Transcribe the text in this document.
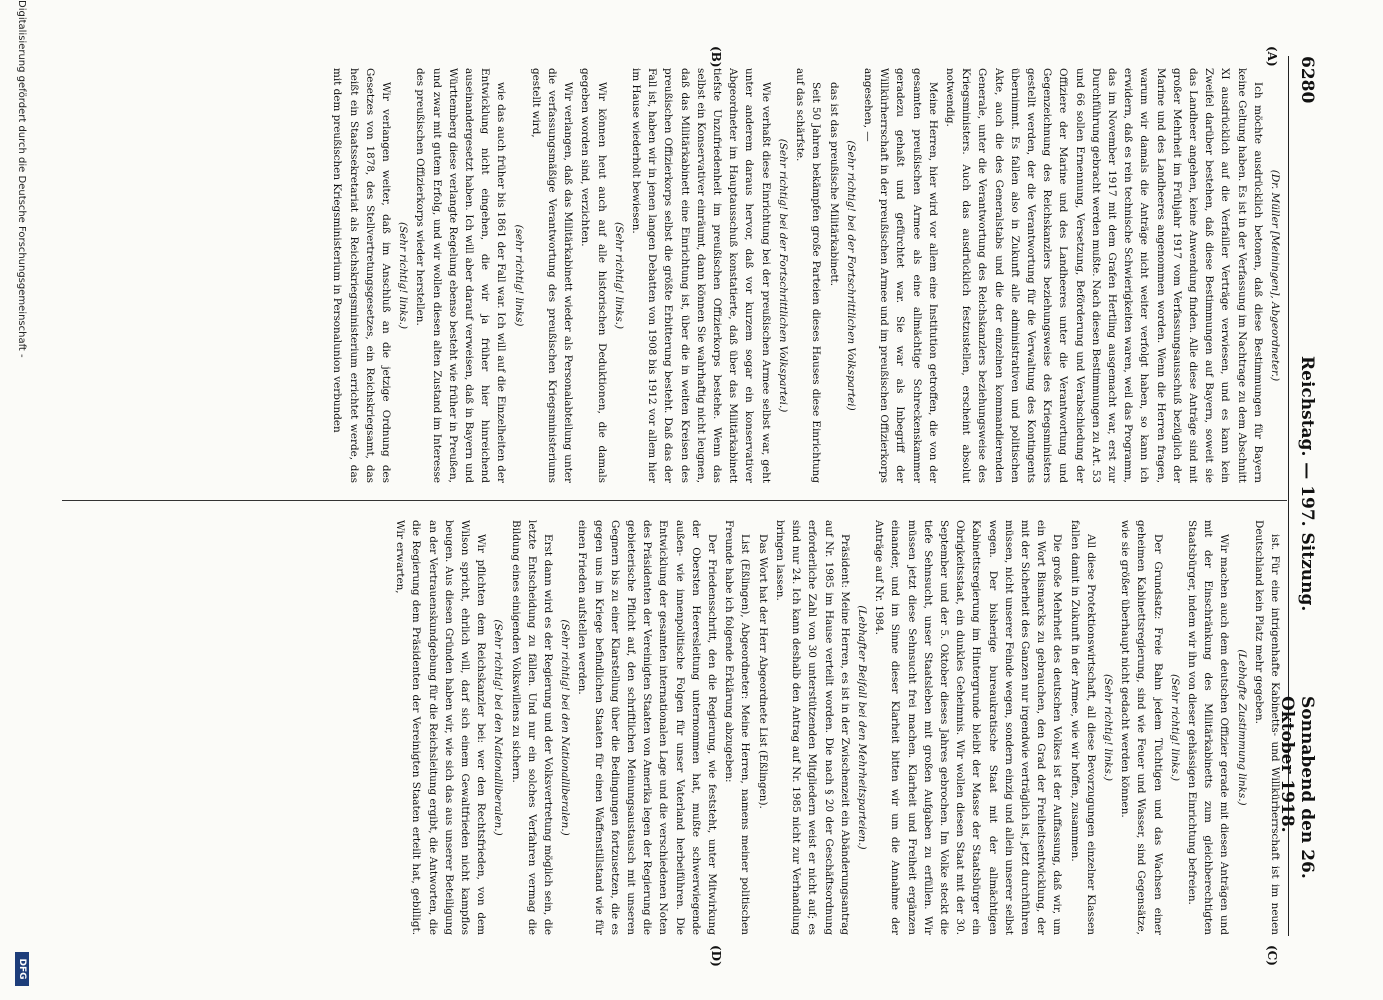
6280
Reichstag. — 197. Sitzung.
Sonnabend den 26. Oktober 1918.
(A)
(B)
(C)
(D)

(Dr. Müller [Meiningen], Abgeordneter.)

Ich möchte ausdrücklich betonen, daß diese Bestimmungen für Bayern keine Geltung haben. Es ist in der Verfassung im Nachtrage zu dem Abschnitt XI ausdrücklich auf die Verfailler Verträge verwiesen, und es kann kein Zweifel darüber bestehen, daß diese Bestimmungen auf Bayern, soweit sie das Landheer angehen, keine Anwendung finden. Alle diese Anträge sind mit großer Mehrheit im Frühjahr 1917 vom Verfassungsausschuß bezüglich der Marine und des Landheeres angenommen worden. Wenn die Herren fragen, warum wir damals die Anträge nicht weiter verfolgt haben, so kann ich erwidern, daß es rein technische Schwierigkeiten waren, weil das Programm, das im November 1917 mit dem Grafen Hertling ausgemacht war, erst zur Durchführung gebracht werden mußte. Nach diesen Bestimmungen zu Art. 53 und 66 sollen Ernennung, Versetzung, Beförderung und Verabschiedung der Offiziere der Marine und des Landheeres unter die Verantwortung und Gegenzeichnung des Reichskanzlers beziehungsweise des Kriegsministers gestellt werden, der die Verantwortung für die Verwaltung des Kontingents übernimmt. Es fallen also in Zukunft alle administrativen und politischen Akte, auch die des Generalstabs und die der einzelnen kommandierenden Generale, unter die Verantwortung des Reichskanzlers beziehungsweise des Kriegsministers. Auch das ausdrücklich festzustellen, erscheint absolut notwendig.

Meine Herren, hier wird vor allem eine Institution getroffen, die von der gesamten preußischen Armee als eine allmächtige Schreckenskammer geradezu gehaßt und gefürchtet war. Sie war als Inbegriff der Willkürherrschaft in der preußischen Armee und im preußischen Offizierkorps angesehen, —

(Sehr richtig! bei der Fortschrittlichen Volkspartei)

das ist das preußische Militärkabinett.

Seit 50 Jahren bekämpfen große Parteien dieses Hauses diese Einrichtung auf das schärfste.

(Sehr richtig! bei der Fortschrittlichen Volkspartei.)

Wie verhaßt diese Einrichtung bei der preußischen Armee selbst war, geht unter anderem daraus hervor, daß vor kurzem sogar ein konservativer Abgeordneter im Hauptausschuß konstatierte, daß über das Militärkabinett tiefste Unzufriedenheit im preußischen Offizierkorps bestehe. Wenn das selbst ein Konservativer einräumt, dann können Sie wahrhaftig nicht leugnen, daß das Militärkabinett eine Einrichtung ist, über die in weiten Kreisen des preußischen Offizierkorps selbst die größte Erbitterung besteht. Daß das der Fall ist, haben wir in jenen langen Debatten von 1908 bis 1912 vor allem hier im Hause wiederholt bewiesen.

(Sehr richtig! links.)

Wir können heut auch auf alle historischen Deduktionen, die damals gegeben worden sind, verzichten.

Wir verlangen, daß das Militärkabinett wieder als Personalabteilung unter die verfassungsmäßige Verantwortung des preußischen Kriegsministeriums gestellt wird,

(sehr richtig! links)

wie das auch früher bis 1861 der Fall war. Ich will auf die Einzelheiten der Entwicklung nicht eingehen, die wir ja früher hier hinreichend auseinandergesetzt haben. Ich will aber darauf verweisen, daß in Bayern und Württemberg diese verlangte Regelung ebenso besteht wie früher in Preußen, und zwar mit gutem Erfolg, und wir wollen diesen alten Zustand im Interesse des preußischen Offizierkorps wieder herstellen.

(Sehr richtig! links.)

Wir verlangen weiter, daß im Anschluß an die jetzige Ordnung des Gesetzes von 1878, des Stellvertretungsgesetzes, ein Reichskriegsamt, das heißt ein Staatssekretariat als Reichskriegsministerium errichtet werde, das mit dem preußischen Kriegsministerium in Personalunion verbunden

ist. Für eine intrigenhafte Kabinetts- und Willkürherrschaft ist im neuen Deutschland kein Platz mehr gegeben.

(Lebhafte Zustimmung links.)

Wir machen auch dem deutschen Offizier gerade mit diesen Anträgen und mit der Einschränkung des Militärkabinetts zum gleichberechtigten Staatsbürger, indem wir ihn von dieser gehässigen Einrichtung befreien.

(Sehr richtig! links.)

Der Grundsatz: Freie Bahn jedem Tüchtigen und das Wachsen einer geheimen Kabinettsregierung, sind wie Feuer und Wasser, sind Gegensätze, wie sie größer überhaupt nicht gedacht werden können.

(Sehr richtig! links.)

All diese Protektionswirtschaft, all diese Bevorzugungen einzelner Klassen fallen damit in Zukunft in der Armee, wie wir hoffen, zusammen.

Die große Mehrheit des deutschen Volkes ist der Auffassung, daß wir, um ein Wort Bismarcks zu gebrauchen, den Grad der Freiheitsentwicklung, der mit der Sicherheit des Ganzen nur irgendwie verträglich ist, jetzt durchführen müssen, nicht unserer Feinde wegen, sondern einzig und allein unserer selbst wegen. Der bisherige bureaukratische Staat mit der allmächtigen Kabinettsregierung im Hintergrunde bleibt der Masse der Staatsbürger ein Obrigkeitsstaat, ein dunkles Geheimnis. Wir wollen diesen Staat mit der 30. September und der 5. Oktober dieses Jahres gebrochen. Im Volke steckt die tiefe Sehnsucht, unser Staatsleben mit großen Aufgaben zu erfüllen. Wir müssen jetzt diese Sehnsucht frei machen. Klarheit und Freiheit ergänzen einander, und im Sinne dieser Klarheit bitten wir um die Annahme der Anträge auf Nr. 1984.

(Lebhafter Beifall bei den Mehrheitsparteien.)

Präsident: Meine Herren, es ist in der Zwischenzeit ein Abänderungsantrag auf Nr. 1985 im Hause verteilt worden. Die nach § 20 der Geschäftsordnung erforderliche Zahl von 30 unterstützenden Mitgliedern weist er nicht auf; es sind nur 24. Ich kann deshalb den Antrag auf Nr. 1985 nicht zur Verhandlung bringen lassen.

Das Wort hat der Herr Abgeordnete List (Eßlingen).

List (Eßlingen), Abgeordneter: Meine Herren, namens meiner politischen Freunde habe ich folgende Erklärung abzugeben:

Der Friedensschritt, den die Regierung, wie feststeht, unter Mitwirkung der Obersten Heeresleitung unternommen hat, mußte schwerwiegende außen- wie innenpolitische Folgen für unser Vaterland herbeiführen. Die Entwicklung der gesamten internationalen Lage und die verschiedenen Noten des Präsidenten der Vereinigten Staaten von Amerika legen der Regierung die gebieterische Pflicht auf, den schriftlichen Meinungsaustausch mit unseren Gegnern bis zu einer Klarstellung über die Bedingungen fortzusetzen, die es gegen uns im Kriege befindlichen Staaten für einen Waffenstillstand wie für einen Frieden aufstellen werden.

(Sehr richtig! bei den Nationalliberalen.)

Erst dann wird es der Regierung und der Volksvertretung möglich sein, die letzte Entscheidung zu fällen. Und nur ein solches Verfahren vermag die Bildung eines einigenden Volkswillens zu sichern.

(Sehr richtig! bei den Nationalliberalen.)

Wir pflichten dem Reichskanzler bei: wer den Rechtsfrieden, von dem Wilson spricht, ehrlich will, darf sich einem Gewaltfrieden nicht kampflos beugen. Aus diesen Gründen haben wir, wie sich das aus unserer Beteiligung an der Vertrauenskundgebung für die Reichsleitung ergibt, die Antworten, die die Regierung dem Präsidenten der Vereinigten Staaten erteilt hat, gebilligt. Wir erwarten,

Digitalisierung gefördert durch die Deutsche Forschungsgemeinschaft -
DFG
